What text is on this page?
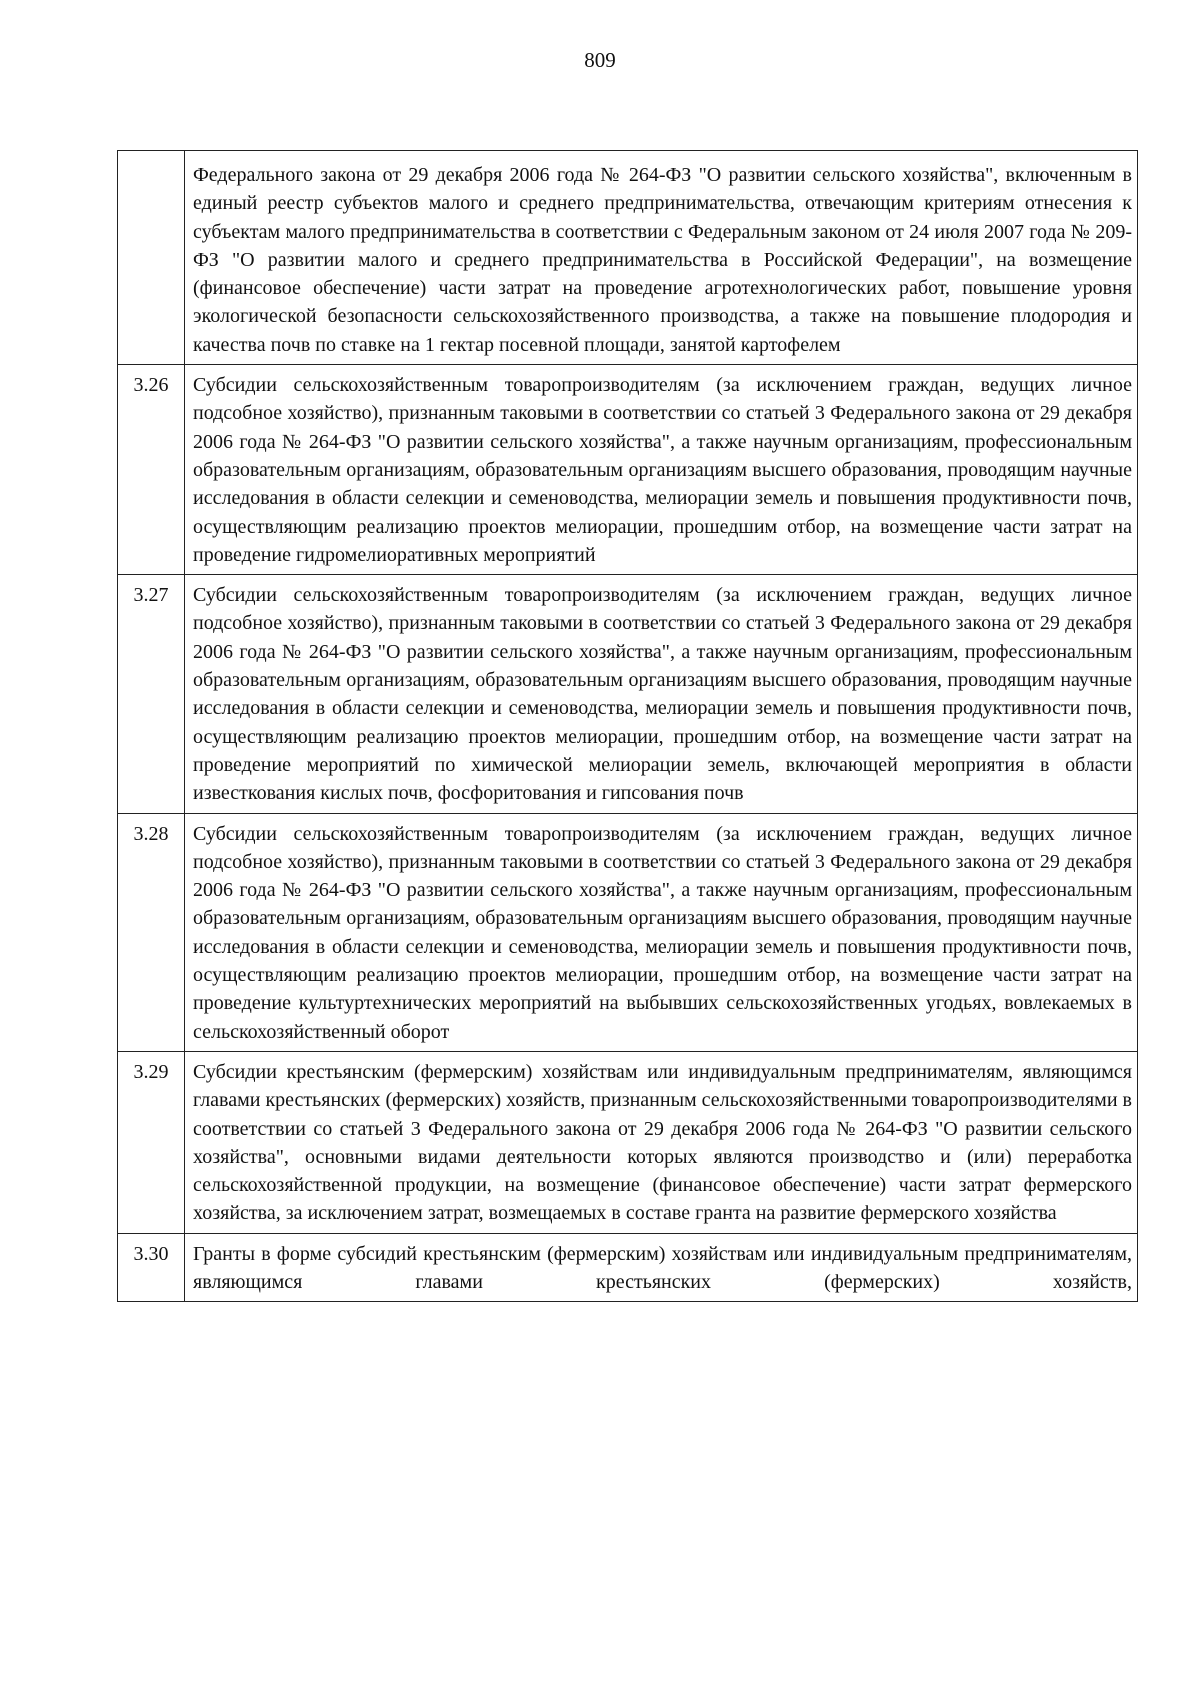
809
	Федерального закона от 29 декабря 2006 года № 264-ФЗ "О развитии сельского хозяйства", включенным в единый реестр субъектов малого и среднего предпринимательства, отвечающим критериям отнесения к субъектам малого предпринимательства в соответствии с Федеральным законом от 24 июля 2007 года № 209-ФЗ "О развитии малого и среднего предпринимательства в Российской Федерации", на возмещение (финансовое обеспечение) части затрат на проведение агротехнологических работ, повышение уровня экологической безопасности сельскохозяйственного производства, а также на повышение плодородия и качества почв по ставке на 1 гектар посевной площади, занятой картофелем
3.26	Субсидии сельскохозяйственным товаропроизводителям (за исключением граждан, ведущих личное подсобное хозяйство), признанным таковыми в соответствии со статьей 3 Федерального закона от 29 декабря 2006 года № 264-ФЗ "О развитии сельского хозяйства", а также научным организациям, профессиональным образовательным организациям, образовательным организациям высшего образования, проводящим научные исследования в области селекции и семеноводства, мелиорации земель и повышения продуктивности почв, осуществляющим реализацию проектов мелиорации, прошедшим отбор, на возмещение части затрат на проведение гидромелиоративных мероприятий
3.27	Субсидии сельскохозяйственным товаропроизводителям (за исключением граждан, ведущих личное подсобное хозяйство), признанным таковыми в соответствии со статьей 3 Федерального закона от 29 декабря 2006 года № 264-ФЗ "О развитии сельского хозяйства", а также научным организациям, профессиональным образовательным организациям, образовательным организациям высшего образования, проводящим научные исследования в области селекции и семеноводства, мелиорации земель и повышения продуктивности почв, осуществляющим реализацию проектов мелиорации, прошедшим отбор, на возмещение части затрат на проведение мероприятий по химической мелиорации земель, включающей мероприятия в области известкования кислых почв, фосфоритования и гипсования почв
3.28	Субсидии сельскохозяйственным товаропроизводителям (за исключением граждан, ведущих личное подсобное хозяйство), признанным таковыми в соответствии со статьей 3 Федерального закона от 29 декабря 2006 года № 264-ФЗ "О развитии сельского хозяйства", а также научным организациям, профессиональным образовательным организациям, образовательным организациям высшего образования, проводящим научные исследования в области селекции и семеноводства, мелиорации земель и повышения продуктивности почв, осуществляющим реализацию проектов мелиорации, прошедшим отбор, на возмещение части затрат на проведение культуртехнических мероприятий на выбывших сельскохозяйственных угодьях, вовлекаемых в сельскохозяйственный оборот
3.29	Субсидии крестьянским (фермерским) хозяйствам или индивидуальным предпринимателям, являющимся главами крестьянских (фермерских) хозяйств, признанным сельскохозяйственными товаропроизводителями в соответствии со статьей 3 Федерального закона от 29 декабря 2006 года № 264-ФЗ "О развитии сельского хозяйства", основными видами деятельности которых являются производство и (или) переработка сельскохозяйственной продукции, на возмещение (финансовое обеспечение) части затрат фермерского хозяйства, за исключением затрат, возмещаемых в составе гранта на развитие фермерского хозяйства
3.30	Гранты в форме субсидий крестьянским (фермерским) хозяйствам или индивидуальным предпринимателям, являющимся главами крестьянских (фермерских) хозяйств,
